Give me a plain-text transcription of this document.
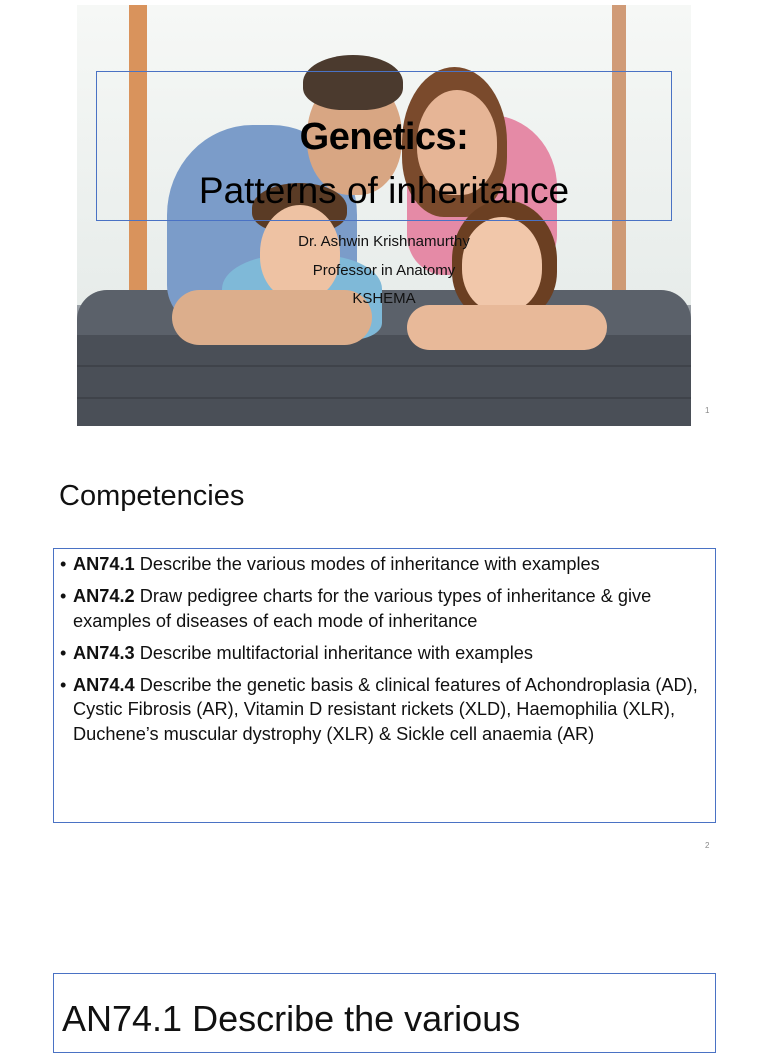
Genetics:
Patterns of inheritance
Dr. Ashwin Krishnamurthy
Professor in Anatomy
KSHEMA
1
Competencies
• AN74.1 Describe the various modes of inheritance with examples
• AN74.2 Draw pedigree charts for the various types of inheritance & give examples of diseases of each mode of inheritance
• AN74.3 Describe multifactorial inheritance with examples
• AN74.4 Describe the genetic basis & clinical features of Achondroplasia (AD), Cystic Fibrosis (AR), Vitamin D resistant rickets (XLD), Haemophilia (XLR), Duchene’s muscular dystrophy (XLR) & Sickle cell anaemia (AR)
2
AN74.1 Describe the various
